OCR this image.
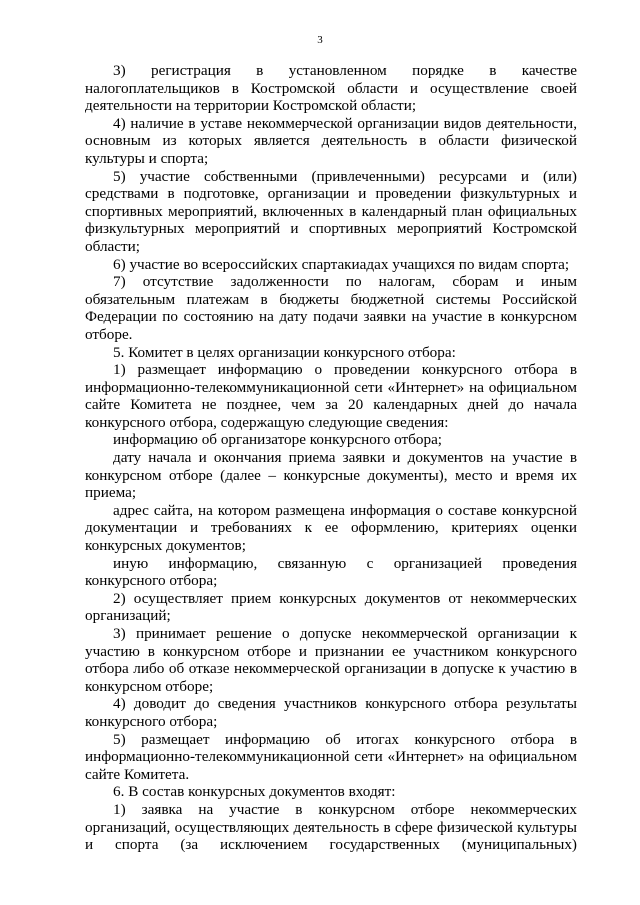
3

3) регистрация в установленном порядке в качестве налогоплательщиков в Костромской области и осуществление своей деятельности на территории Костромской области;

4) наличие в уставе некоммерческой организации видов деятельности, основным из которых является деятельность в области физической культуры и спорта;

5) участие собственными (привлеченными) ресурсами и (или) средствами в подготовке, организации и проведении физкультурных и спортивных мероприятий, включенных в календарный план официальных физкультурных мероприятий и спортивных мероприятий Костромской области;

6) участие во всероссийских спартакиадах учащихся по видам спорта;

7) отсутствие задолженности по налогам, сборам и иным обязательным платежам в бюджеты бюджетной системы Российской Федерации по состоянию на дату подачи заявки на участие в конкурсном отборе.

5. Комитет в целях организации конкурсного отбора:

1) размещает информацию о проведении конкурсного отбора в информационно-телекоммуникационной сети «Интернет» на официальном сайте Комитета не позднее, чем за 20 календарных дней до начала конкурсного отбора, содержащую следующие сведения:

информацию об организаторе конкурсного отбора;

дату начала и окончания приема заявки и документов на участие в конкурсном отборе (далее – конкурсные документы), место и время их приема;

адрес сайта, на котором размещена информация о составе конкурсной документации и требованиях к ее оформлению, критериях оценки конкурсных документов;

иную информацию, связанную с организацией проведения конкурсного отбора;

2) осуществляет прием конкурсных документов от некоммерческих организаций;

3) принимает решение о допуске некоммерческой организации к участию в конкурсном отборе и признании ее участником конкурсного отбора либо об отказе некоммерческой организации в допуске к участию в конкурсном отборе;

4) доводит до сведения участников конкурсного отбора результаты конкурсного отбора;

5) размещает информацию об итогах конкурсного отбора в информационно-телекоммуникационной сети «Интернет» на официальном сайте Комитета.

6. В состав конкурсных документов входят:

1) заявка на участие в конкурсном отборе некоммерческих организаций, осуществляющих деятельность в сфере физической культуры и спорта (за исключением государственных (муниципальных)
